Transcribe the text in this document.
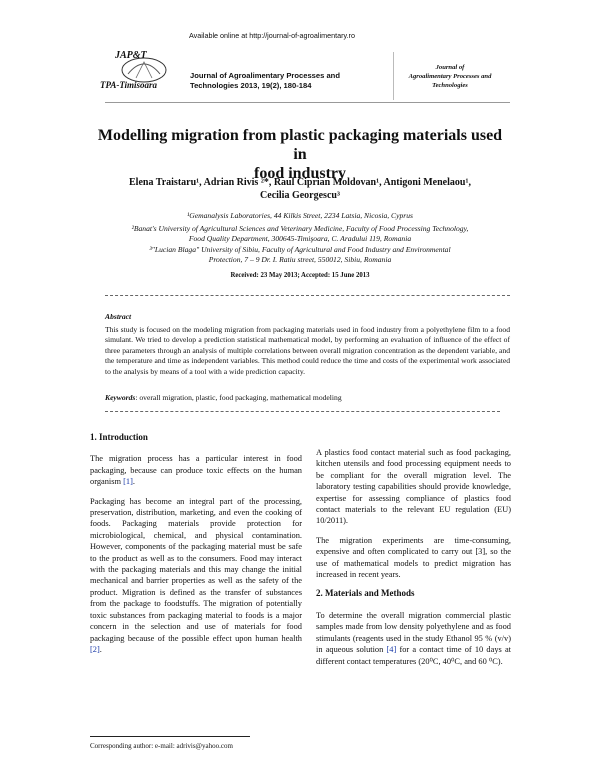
JAP&T
TPA-Timisoara
Available online at http://journal-of-agroalimentary.ro
Journal of Agroalimentary Processes and
Technologies 2013, 19(2), 180-184
Journal of
Agroalimentary Processes and
Technologies
Modelling migration from plastic packaging materials used in
food industry
Elena Traistaru¹, Adrian Rivis ²*, Raul Ciprian Moldovan¹, Antigoni Menelaou¹,
Cecilia Georgescu³
¹Gemanalysis Laboratories, 44 Kilkis Street, 2234 Latsia, Nicosia, Cyprus
²Banat's University of Agricultural Sciences and Veterinary Medicine, Faculty of Food Processing Technology,
Food Quality Department, 300645-Timişoara, C. Aradului 119, Romania
³"Lucian Blaga" University of Sibiu, Faculty of Agricultural and Food Industry and Environmental
Protection, 7 – 9 Dr. I. Ratiu street, 550012, Sibiu, Romania
Received: 23 May 2013; Accepted: 15 June 2013
Abstract
This study is focused on the modeling migration from packaging materials used in food industry from a polyethylene film to a food simulant. We tried to develop a prediction statistical mathematical model, by performing an evaluation of influence of the effect of three parameters through an analysis of multiple correlations between overall migration concentration as the dependent variable, and the temperature and time as independent variables. This method could reduce the time and costs of the experimental work associated to the analysis by means of a tool with a wide prediction capacity.
Keywords: overall migration, plastic, food packaging, mathematical modeling
1. Introduction

The migration process has a particular interest in food packaging, because can produce toxic effects on the human organism [1].

Packaging has become an integral part of the processing, preservation, distribution, marketing, and even the cooking of foods. Packaging materials provide protection for microbiological, chemical, and physical contamination. However, components of the packaging material must be safe to the product as well as to the consumers. Food may interact with the packaging materials and this may change the initial mechanical and barrier properties as well as the safety of the product. Migration is defined as the transfer of substances from the package to foodstuffs. The migration of potentially toxic substances from packaging material to foods is a major concern in the selection and use of materials for food packaging because of the possible effect upon human health [2].

A plastics food contact material such as food packaging, kitchen utensils and food processing equipment needs to be compliant for the overall migration level. The laboratory testing capabilities should provide knowledge, expertise for assessing compliance of plastics food contact materials to the relevant EU regulation (EU) 10/2011).

The migration experiments are time-consuming, expensive and often complicated to carry out [3], so the use of mathematical models to predict migration has increased in recent years.

2. Materials and Methods

To determine the overall migration commercial plastic samples made from low density polyethylene and as food stimulants (reagents used in the study Ethanol 95 % (v/v) in aqueous solution [4] for a contact time of 10 days at different contact temperatures (20⁰C, 40⁰C, and 60 ⁰C).

Corresponding author: e-mail: adrivis@yahoo.com
